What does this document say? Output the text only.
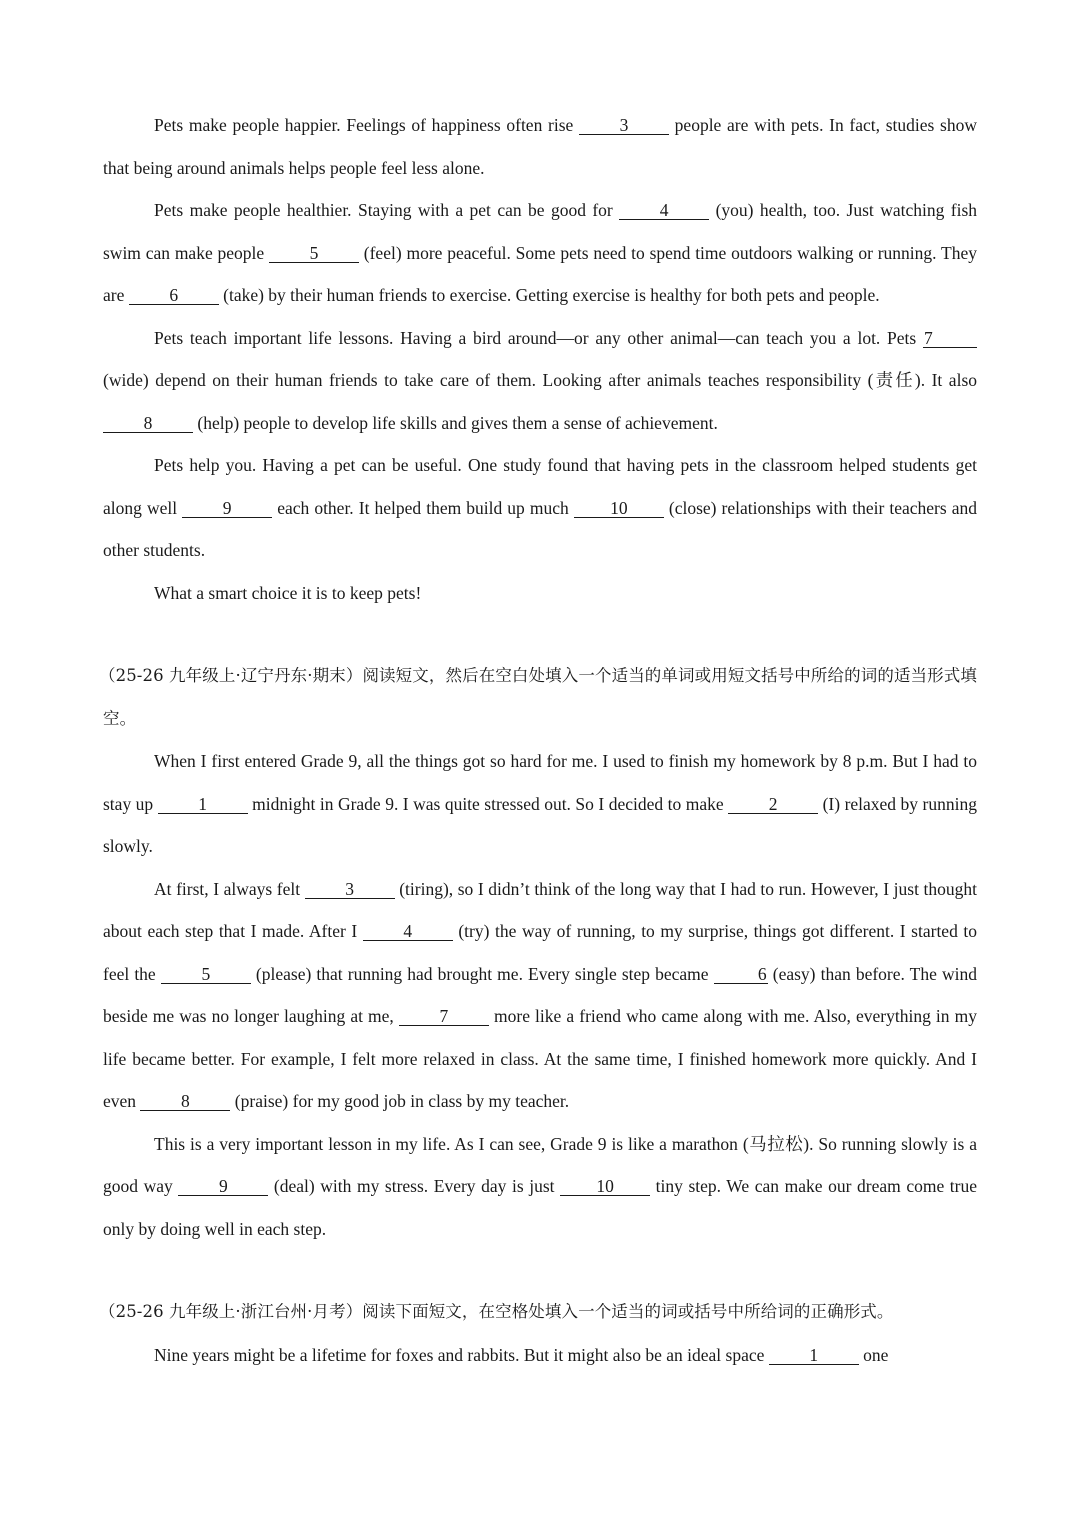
Pets make people happier. Feelings of happiness often rise 3 people are with pets. In fact, studies show that being around animals helps people feel less alone.

Pets make people healthier. Staying with a pet can be good for 4 (you) health, too. Just watching fish swim can make people 5 (feel) more peaceful. Some pets need to spend time outdoors walking or running. They are 6 (take) by their human friends to exercise. Getting exercise is healthy for both pets and people.

Pets teach important life lessons. Having a bird around—or any other animal—can teach you a lot. Pets 7 (wide) depend on their human friends to take care of them. Looking after animals teaches responsibility (责任). It also 8 (help) people to develop life skills and gives them a sense of achievement.

Pets help you. Having a pet can be useful. One study found that having pets in the classroom helped students get along well 9 each other. It helped them build up much 10 (close) relationships with their teachers and other students.

What a smart choice it is to keep pets!

（25-26 九年级上·辽宁丹东·期末）阅读短文，然后在空白处填入一个适当的单词或用短文括号中所给的词的适当形式填空。

When I first entered Grade 9, all the things got so hard for me. I used to finish my homework by 8 p.m. But I had to stay up 1 midnight in Grade 9. I was quite stressed out. So I decided to make 2 (I) relaxed by running slowly.

At first, I always felt 3 (tiring), so I didn’t think of the long way that I had to run. However, I just thought about each step that I made. After I 4 (try) the way of running, to my surprise, things got different. I started to feel the 5 (please) that running had brought me. Every single step became	6 (easy) than before. The wind beside me was no longer laughing at me, 7 more like a friend who came along with me. Also, everything in my life became better. For example, I felt more relaxed in class. At the same time, I finished homework more quickly. And I even 8 (praise) for my good job in class by my teacher.

This is a very important lesson in my life. As I can see, Grade 9 is like a marathon (马拉松). So running slowly is a good way 9 (deal) with my stress. Every day is just 10 tiny step. We can make our dream come true only by doing well in each step.

（25-26 九年级上·浙江台州·月考）阅读下面短文，在空格处填入一个适当的词或括号中所给词的正确形式。

Nine years might be a lifetime for foxes and rabbits. But it might also be an ideal space 1 one
